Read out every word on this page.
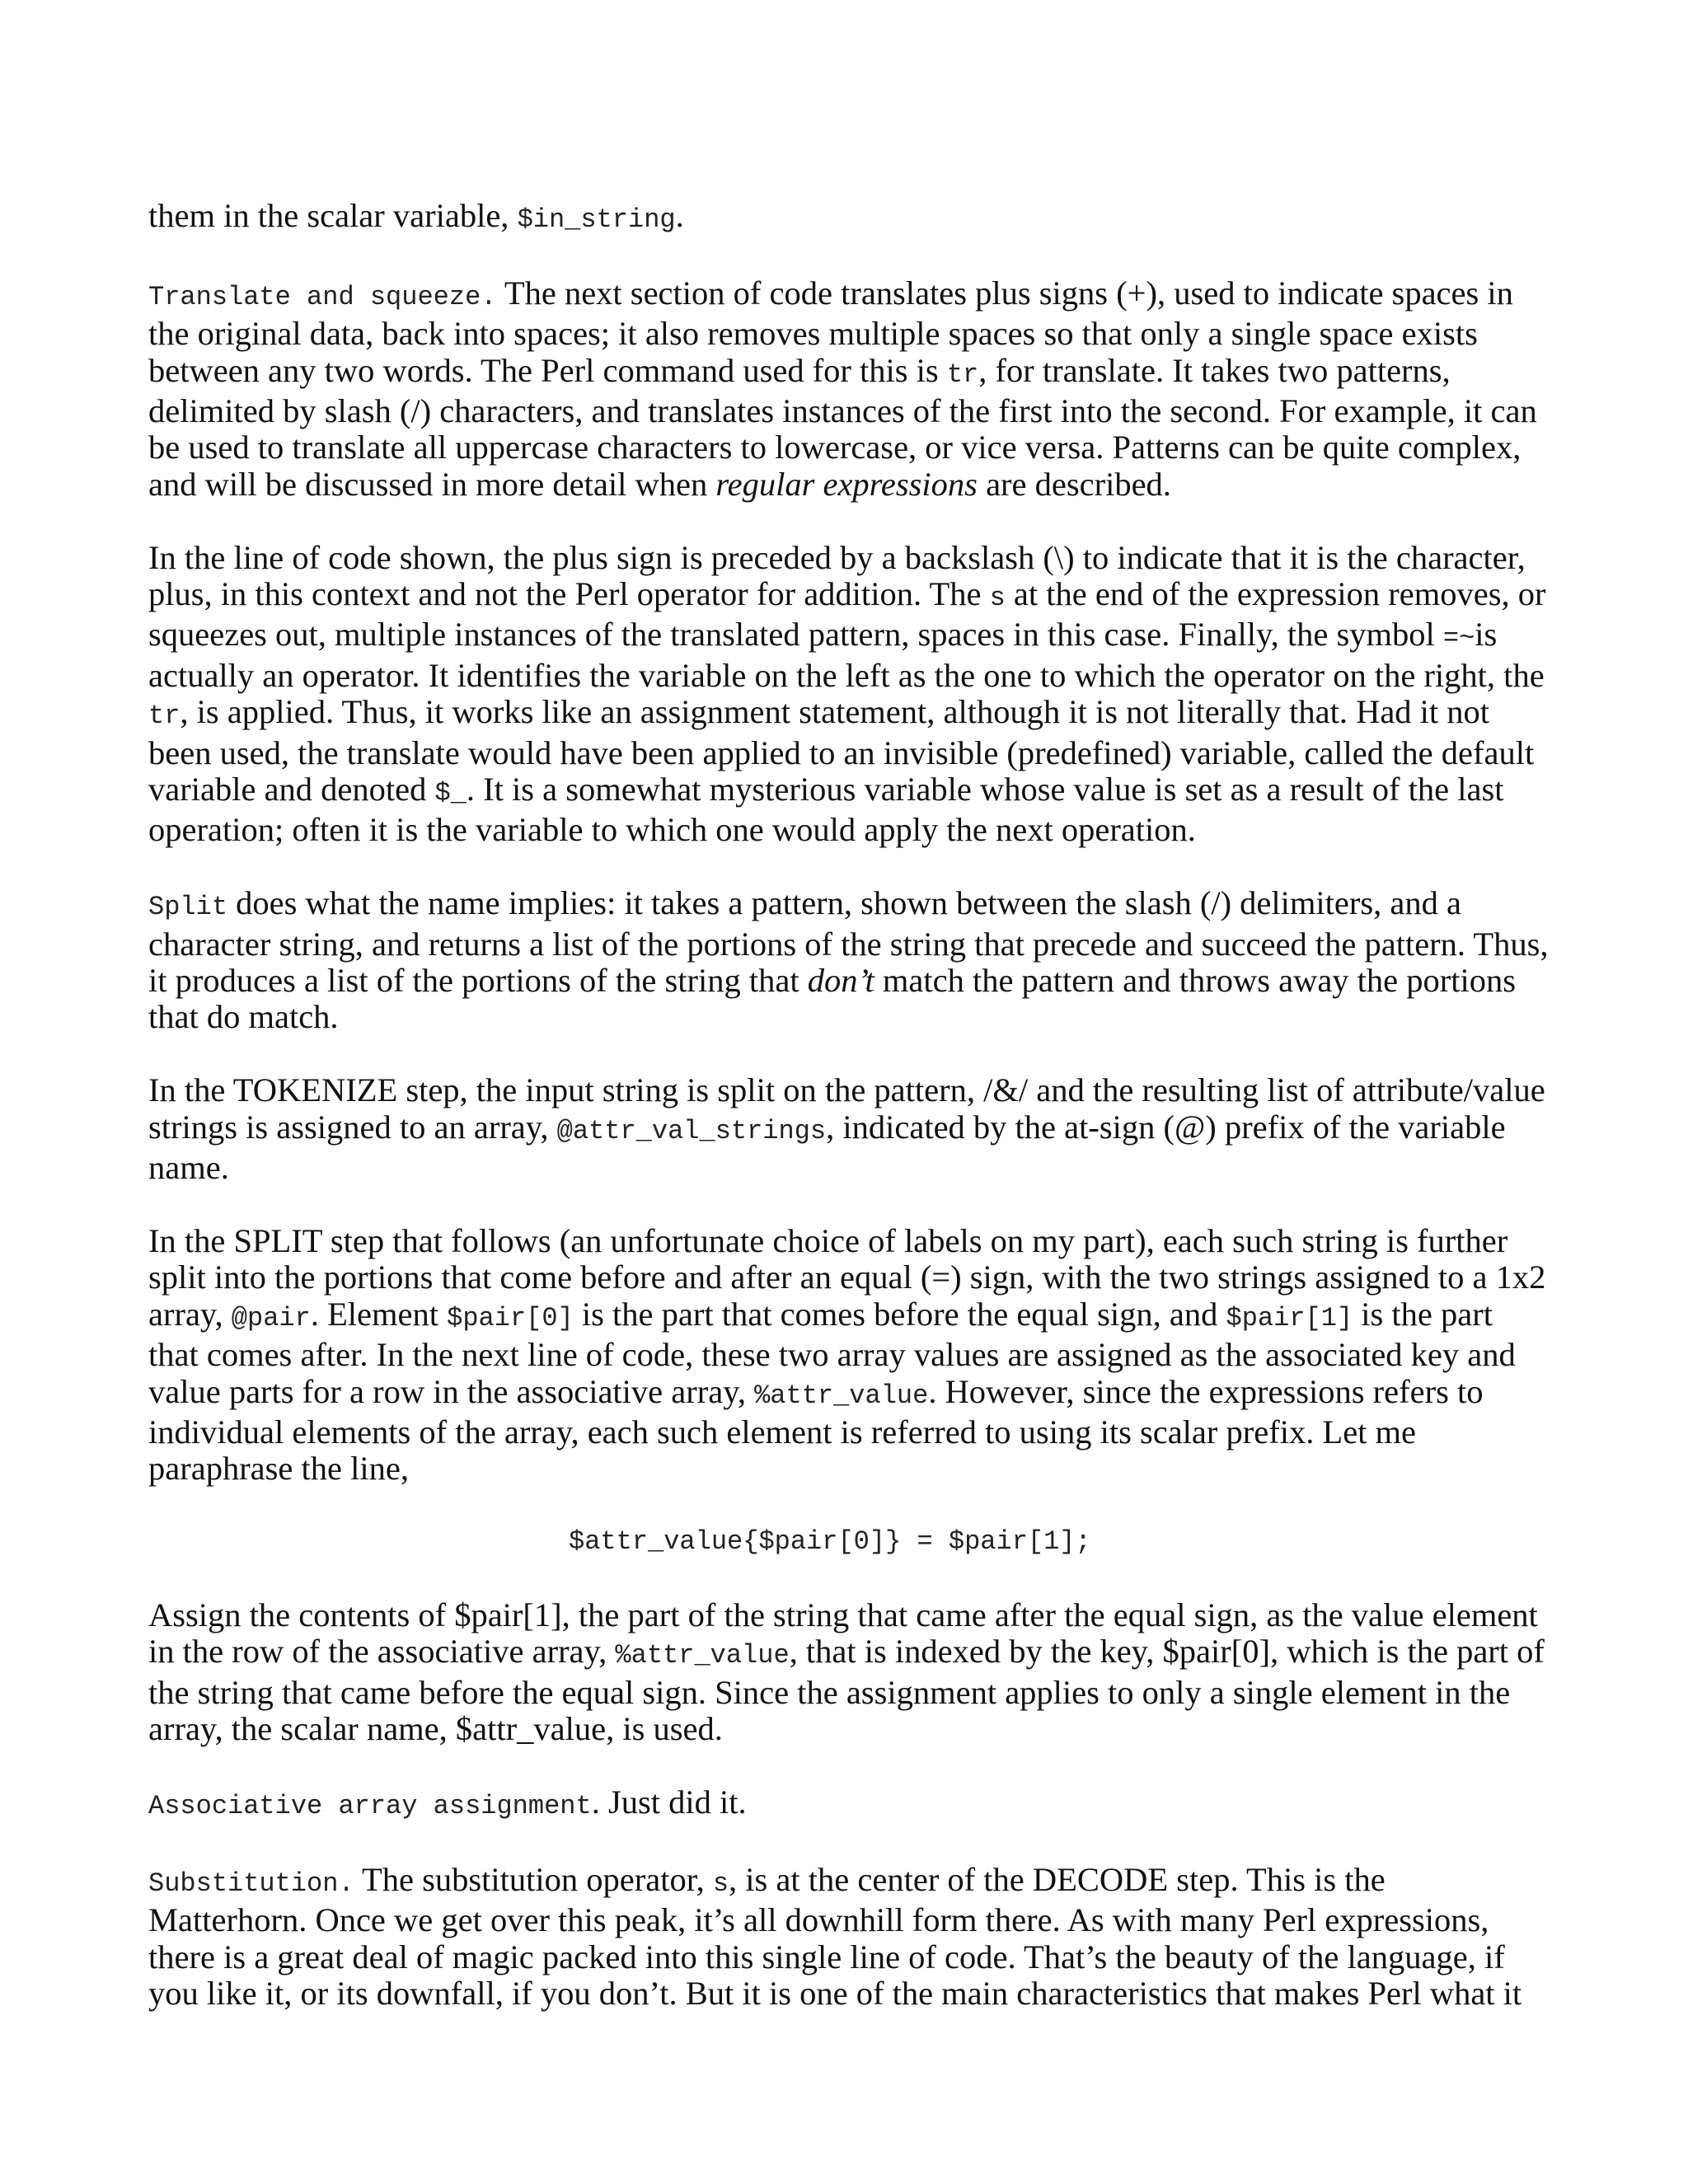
them in the scalar variable, $in_string.

Translate and squeeze. The next section of code translates plus signs (+), used to indicate spaces in the original data, back into spaces; it also removes multiple spaces so that only a single space exists between any two words. The Perl command used for this is tr, for translate. It takes two patterns, delimited by slash (/) characters, and translates instances of the first into the second. For example, it can be used to translate all uppercase characters to lowercase, or vice versa. Patterns can be quite complex, and will be discussed in more detail when regular expressions are described.

In the line of code shown, the plus sign is preceded by a backslash (\) to indicate that it is the character, plus, in this context and not the Perl operator for addition. The s at the end of the expression removes, or squeezes out, multiple instances of the translated pattern, spaces in this case. Finally, the symbol =~is actually an operator. It identifies the variable on the left as the one to which the operator on the right, the tr, is applied. Thus, it works like an assignment statement, although it is not literally that. Had it not been used, the translate would have been applied to an invisible (predefined) variable, called the default variable and denoted $_. It is a somewhat mysterious variable whose value is set as a result of the last operation; often it is the variable to which one would apply the next operation.

Split does what the name implies: it takes a pattern, shown between the slash (/) delimiters, and a character string, and returns a list of the portions of the string that precede and succeed the pattern. Thus, it produces a list of the portions of the string that don’t match the pattern and throws away the portions that do match.

In the TOKENIZE step, the input string is split on the pattern, /&/ and the resulting list of attribute/value strings is assigned to an array, @attr_val_strings, indicated by the at-sign (@) prefix of the variable name.

In the SPLIT step that follows (an unfortunate choice of labels on my part), each such string is further split into the portions that come before and after an equal (=) sign, with the two strings assigned to a 1x2 array, @pair. Element $pair[0] is the part that comes before the equal sign, and $pair[1] is the part that comes after. In the next line of code, these two array values are assigned as the associated key and value parts for a row in the associative array, %attr_value. However, since the expressions refers to individual elements of the array, each such element is referred to using its scalar prefix. Let me paraphrase the line,

$attr_value{$pair[0]} = $pair[1];

Assign the contents of $pair[1], the part of the string that came after the equal sign, as the value element in the row of the associative array, %attr_value, that is indexed by the key, $pair[0], which is the part of the string that came before the equal sign. Since the assignment applies to only a single element in the array, the scalar name, $attr_value, is used.

Associative array assignment. Just did it.

Substitution. The substitution operator, s, is at the center of the DECODE step. This is the Matterhorn. Once we get over this peak, it’s all downhill form there. As with many Perl expressions, there is a great deal of magic packed into this single line of code. That’s the beauty of the language, if you like it, or its downfall, if you don’t. But it is one of the main characteristics that makes Perl what it
